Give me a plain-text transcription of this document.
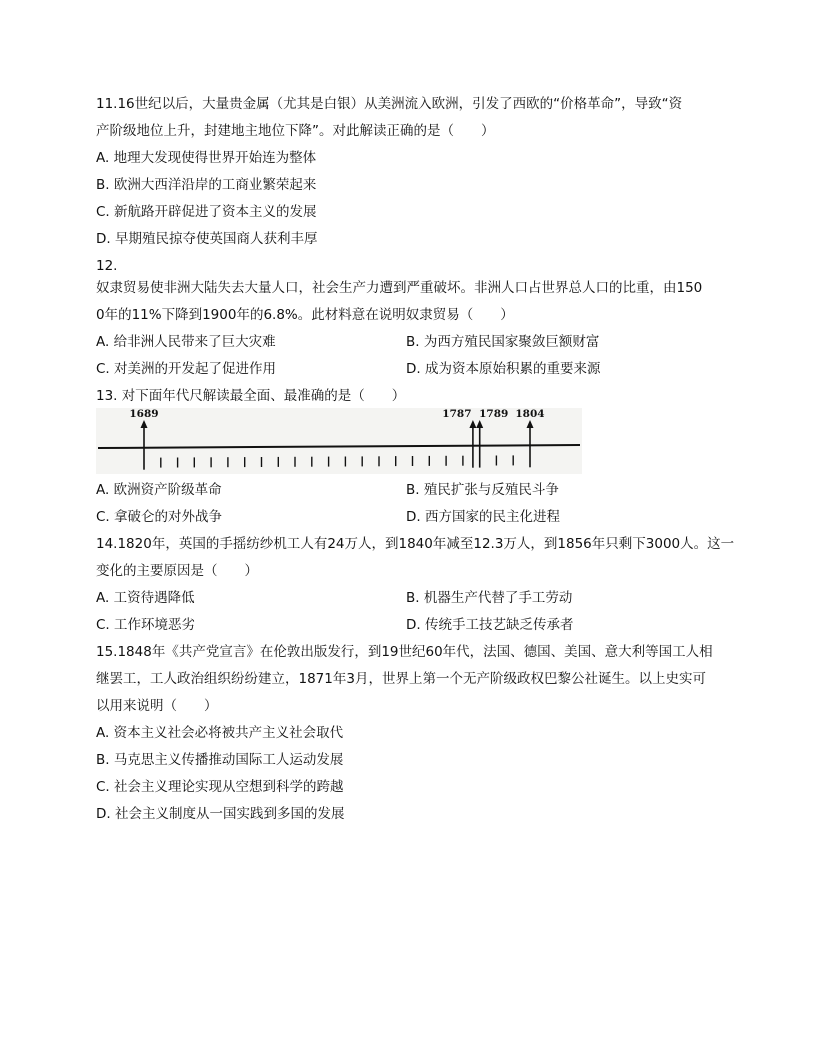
11.16世纪以后，大量贵金属（尤其是白银）从美洲流入欧洲，引发了西欧的“价格革命”，导致“资

产阶级地位上升，封建地主地位下降”。对此解读正确的是（　　）

A. 地理大发现使得世界开始连为整体
B. 欧洲大西洋沿岸的工商业繁荣起来
C. 新航路开辟促进了资本主义的发展
D. 早期殖民掠夺使英国商人获利丰厚
12.

奴隶贸易使非洲大陆失去大量人口，社会生产力遭到严重破坏。非洲人口占世界总人口的比重，由150

0年的11%下降到1900年的6.8%。此材料意在说明奴隶贸易（　　）

A. 给非洲人民带来了巨大灾难	B. 为西方殖民国家聚敛巨额财富
C. 对美洲的开发起了促进作用	D. 成为资本原始积累的重要来源

13. 对下面年代尺解读最全面、最准确的是（　　）

1689	1787 1789 1804
A. 欧洲资产阶级革命	B. 殖民扩张与反殖民斗争
C. 拿破仑的对外战争	D. 西方国家的民主化进程

14.1820年，英国的手摇纺纱机工人有24万人，到1840年减至12.3万人，到1856年只剩下3000人。这一

变化的主要原因是（　　）

A. 工资待遇降低	B. 机器生产代替了手工劳动
C. 工作环境恶劣	D. 传统手工技艺缺乏传承者

15.1848年《共产党宣言》在伦敦出版发行，到19世纪60年代，法国、德国、美国、意大利等国工人相

继罢工，工人政治组织纷纷建立，1871年3月，世界上第一个无产阶级政权巴黎公社诞生。以上史实可

以用来说明（　　）

A. 资本主义社会必将被共产主义社会取代
B. 马克思主义传播推动国际工人运动发展
C. 社会主义理论实现从空想到科学的跨越
D. 社会主义制度从一国实践到多国的发展
